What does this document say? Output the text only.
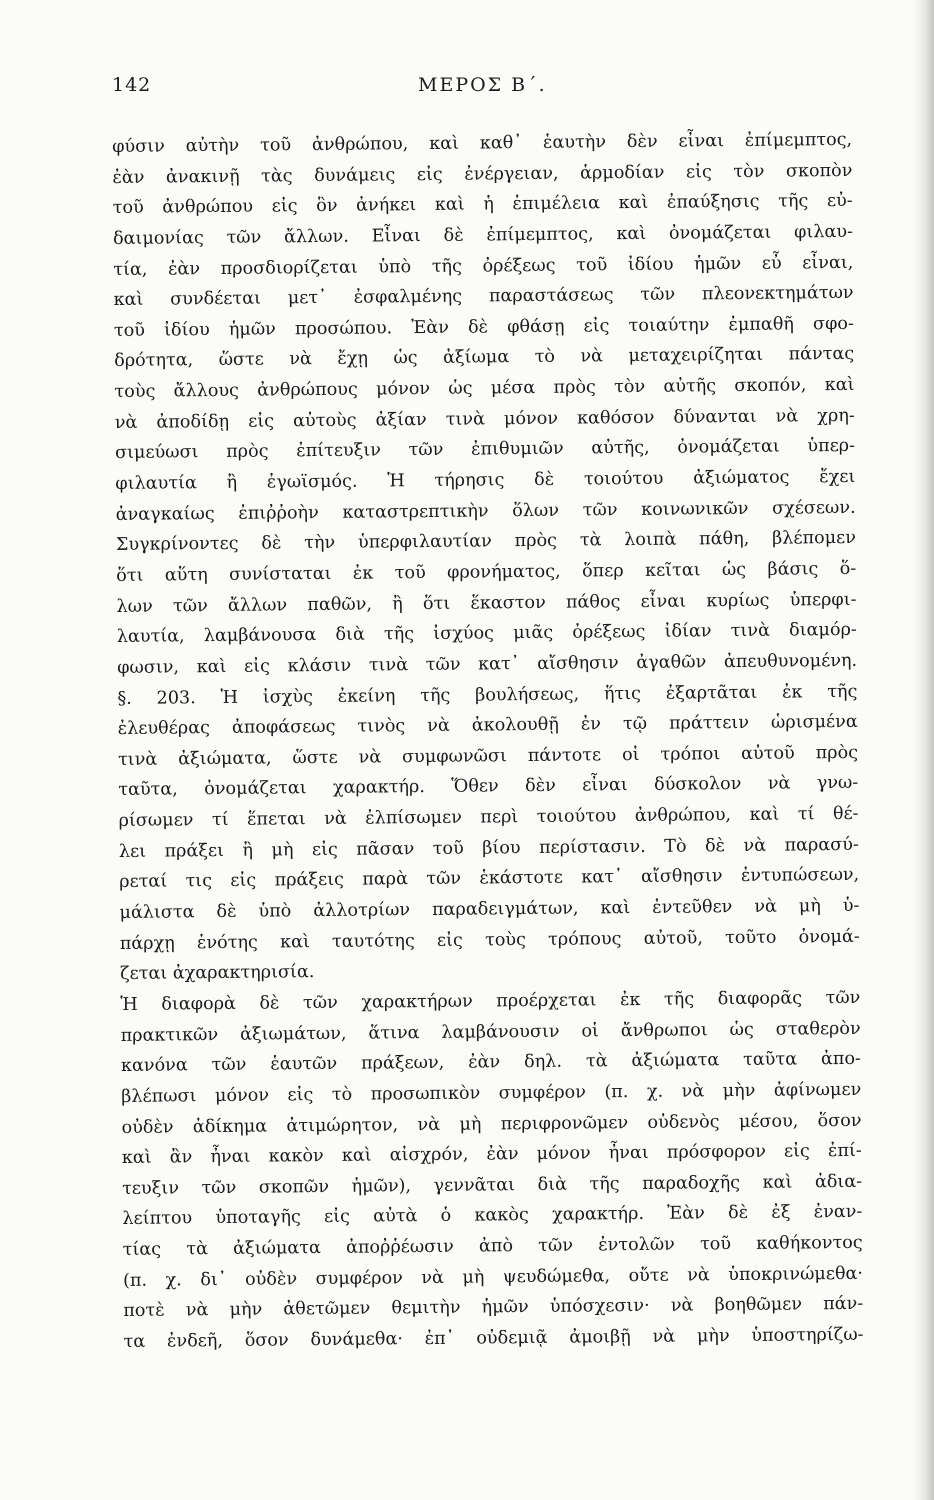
142	ΜΕΡΟΣ Β΄.
φύσιν αὐτὴν τοῦ ἀνθρώπου, καὶ καθ᾽ ἑαυτὴν δὲν εἶναι ἐπίμεμπτος,
ἐὰν ἀνακινῇ τὰς δυνάμεις εἰς ἐνέργειαν, ἁρμοδίαν εἰς τὸν σκοπὸν
τοῦ ἀνθρώπου εἰς ὃν ἀνήκει καὶ ἡ ἐπιμέλεια καὶ ἐπαύξησις τῆς εὐ-
δαιμονίας τῶν ἄλλων. Εἶναι δὲ ἐπίμεμπτος, καὶ ὀνομάζεται φιλαυ-
τία, ἐὰν προσδιορίζεται ὑπὸ τῆς ὀρέξεως τοῦ ἰδίου ἡμῶν εὖ εἶναι,
καὶ συνδέεται μετ᾽ ἐσφαλμένης παραστάσεως τῶν πλεονεκτημάτων
τοῦ ἰδίου ἡμῶν προσώπου. Ἐὰν δὲ φθάσῃ εἰς τοιαύτην ἐμπαθῆ σφο-
δρότητα, ὥστε νὰ ἔχῃ ὡς ἀξίωμα τὸ νὰ μεταχειρίζηται πάντας
τοὺς ἄλλους ἀνθρώπους μόνον ὡς μέσα πρὸς τὸν αὐτῆς σκοπόν, καὶ
νὰ ἀποδίδῃ εἰς αὐτοὺς ἀξίαν τινὰ μόνον καθόσον δύνανται νὰ χρη-
σιμεύωσι πρὸς ἐπίτευξιν τῶν ἐπιθυμιῶν αὐτῆς, ὀνομάζεται ὑπερ-
φιλαυτία ἢ ἐγωϊσμός. Ἡ τήρησις δὲ τοιούτου ἀξιώματος ἔχει
ἀναγκαίως ἐπιῤῥοὴν καταστρεπτικὴν ὅλων τῶν κοινωνικῶν σχέσεων.
Συγκρίνοντες δὲ τὴν ὑπερφιλαυτίαν πρὸς τὰ λοιπὰ πάθη, βλέπομεν
ὅτι αὕτη συνίσταται ἐκ τοῦ φρονήματος, ὅπερ κεῖται ὡς βάσις ὅ-
λων τῶν ἄλλων παθῶν, ἢ ὅτι ἕκαστον πάθος εἶναι κυρίως ὑπερφι-
λαυτία, λαμβάνουσα διὰ τῆς ἰσχύος μιᾶς ὀρέξεως ἰδίαν τινὰ διαμόρ-
φωσιν, καὶ εἰς κλάσιν τινὰ τῶν κατ᾽ αἴσθησιν ἀγαθῶν ἀπευθυνομένη.
§. 203. Ἡ ἰσχὺς ἐκείνη τῆς βουλήσεως, ἥτις ἐξαρτᾶται ἐκ τῆς
ἐλευθέρας ἀποφάσεως τινὸς νὰ ἀκολουθῇ ἐν τῷ πράττειν ὡρισμένα
τινὰ ἀξιώματα, ὥστε νὰ συμφωνῶσι πάντοτε οἱ τρόποι αὐτοῦ πρὸς
ταῦτα, ὀνομάζεται χαρακτήρ. Ὅθεν δὲν εἶναι δύσκολον νὰ γνω-
ρίσωμεν τί ἕπεται νὰ ἐλπίσωμεν περὶ τοιούτου ἀνθρώπου, καὶ τί θέ-
λει πράξει ἢ μὴ εἰς πᾶσαν τοῦ βίου περίστασιν. Τὸ δὲ νὰ παρασύ-
ρεταί τις εἰς πράξεις παρὰ τῶν ἑκάστοτε κατ᾽ αἴσθησιν ἐντυπώσεων,
μάλιστα δὲ ὑπὸ ἀλλοτρίων παραδειγμάτων, καὶ ἐντεῦθεν νὰ μὴ ὑ-
πάρχῃ ἑνότης καὶ ταυτότης εἰς τοὺς τρόπους αὐτοῦ, τοῦτο ὀνομά-
ζεται ἀχαρακτηρισία.
Ἡ διαφορὰ δὲ τῶν χαρακτήρων προέρχεται ἐκ τῆς διαφορᾶς τῶν
πρακτικῶν ἀξιωμάτων, ἅτινα λαμβάνουσιν οἱ ἄνθρωποι ὡς σταθερὸν
κανόνα τῶν ἑαυτῶν πράξεων, ἐὰν δηλ. τὰ ἀξιώματα ταῦτα ἀπο-
βλέπωσι μόνον εἰς τὸ προσωπικὸν συμφέρον (π. χ. νὰ μὴν ἀφίνωμεν
οὐδὲν ἀδίκημα ἀτιμώρητον, νὰ μὴ περιφρονῶμεν οὐδενὸς μέσου, ὅσον
καὶ ἂν ἦναι κακὸν καὶ αἰσχρόν, ἐὰν μόνον ἦναι πρόσφορον εἰς ἐπί-
τευξιν τῶν σκοπῶν ἡμῶν), γεννᾶται διὰ τῆς παραδοχῆς καὶ ἀδια-
λείπτου ὑποταγῆς εἰς αὐτὰ ὁ κακὸς χαρακτήρ. Ἐὰν δὲ ἐξ ἐναν-
τίας τὰ ἀξιώματα ἀποῤῥέωσιν ἀπὸ τῶν ἐντολῶν τοῦ καθήκοντος
(π. χ. δι᾽ οὐδὲν συμφέρον νὰ μὴ ψευδώμεθα, οὔτε νὰ ὑποκρινώμεθα·
ποτὲ νὰ μὴν ἀθετῶμεν θεμιτὴν ἡμῶν ὑπόσχεσιν· νὰ βοηθῶμεν πάν-
τα ἐνδεῆ, ὅσον δυνάμεθα· ἐπ᾽ οὐδεμιᾷ ἀμοιβῇ νὰ μὴν ὑποστηρίζω-
